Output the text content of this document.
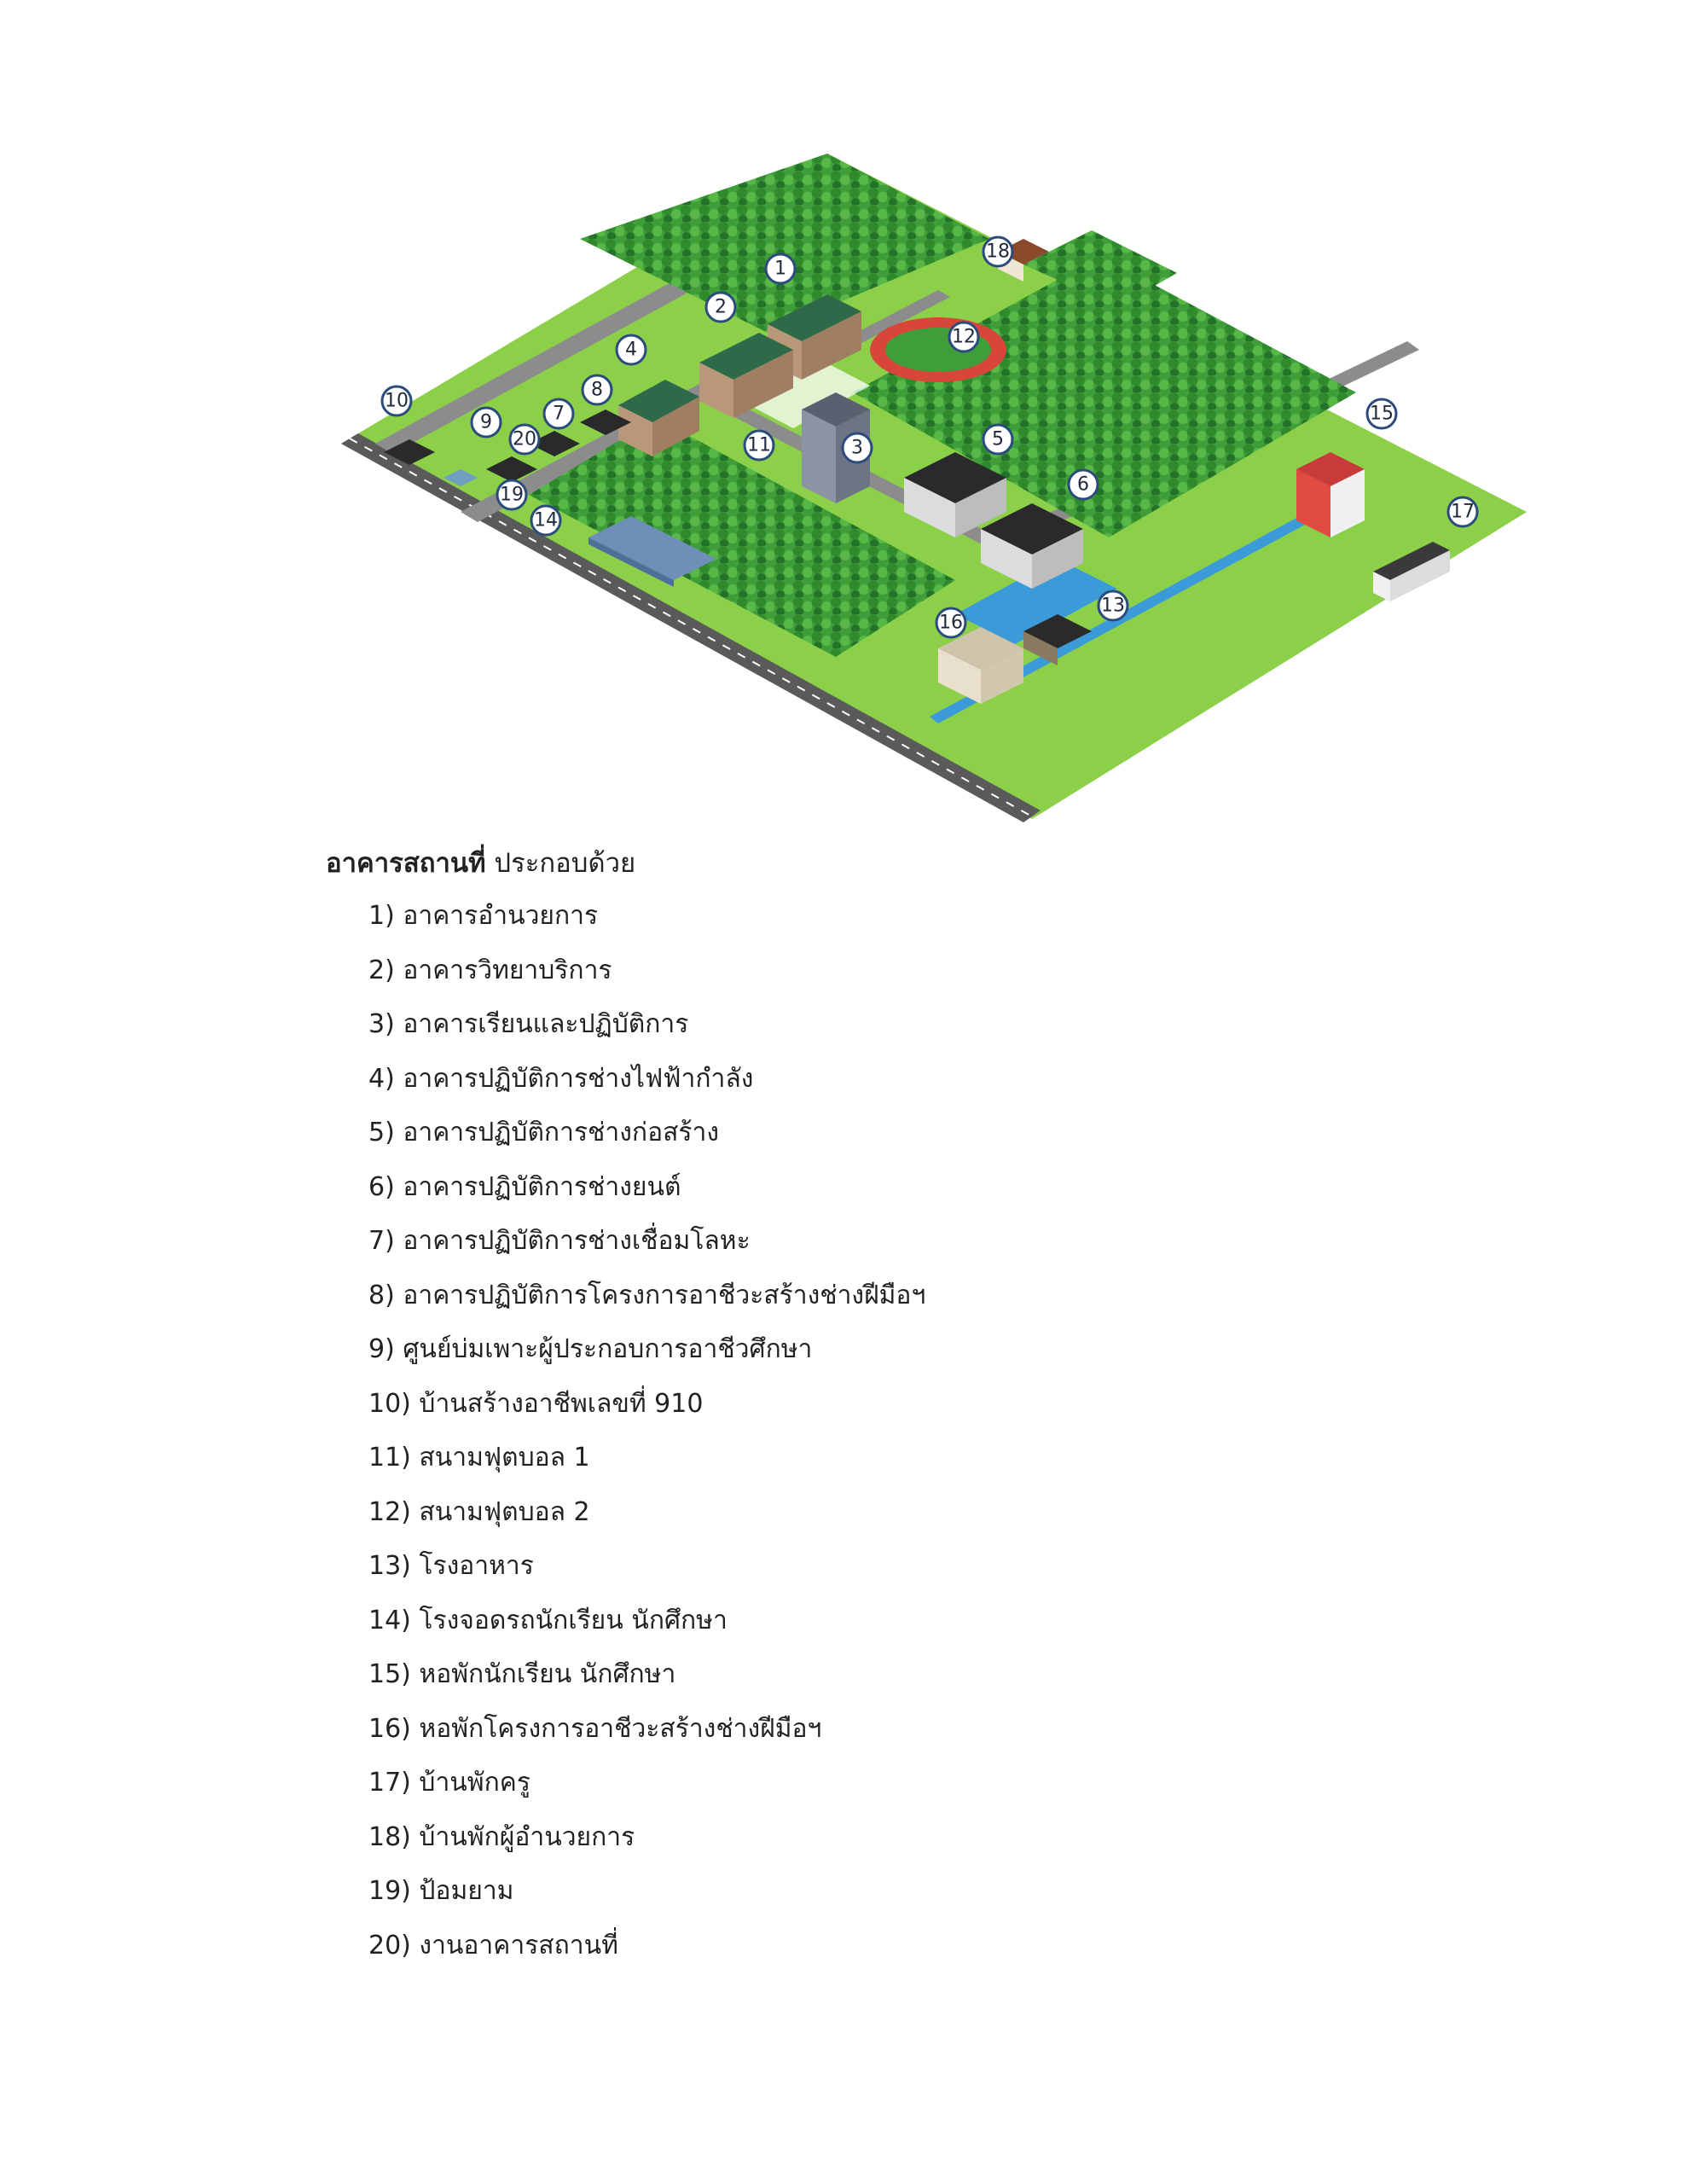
1
2
3
4
5
6
7
8
9
10
11
12
13
14
15
16
17
18
19
20

อาคารสถานที่ ประกอบด้วย

1) อาคารอำนวยการ
2) อาคารวิทยาบริการ
3) อาคารเรียนและปฏิบัติการ
4) อาคารปฏิบัติการช่างไฟฟ้ากำลัง
5) อาคารปฏิบัติการช่างก่อสร้าง
6) อาคารปฏิบัติการช่างยนต์
7) อาคารปฏิบัติการช่างเชื่อมโลหะ
8) อาคารปฏิบัติการโครงการอาชีวะสร้างช่างฝีมือฯ
9) ศูนย์บ่มเพาะผู้ประกอบการอาชีวศึกษา
10) บ้านสร้างอาชีพเลขที่ 910
11) สนามฟุตบอล 1
12) สนามฟุตบอล 2
13) โรงอาหาร
14) โรงจอดรถนักเรียน นักศึกษา
15) หอพักนักเรียน นักศึกษา
16) หอพักโครงการอาชีวะสร้างช่างฝีมือฯ
17) บ้านพักครู
18) บ้านพักผู้อำนวยการ
19) ป้อมยาม
20) งานอาคารสถานที่
